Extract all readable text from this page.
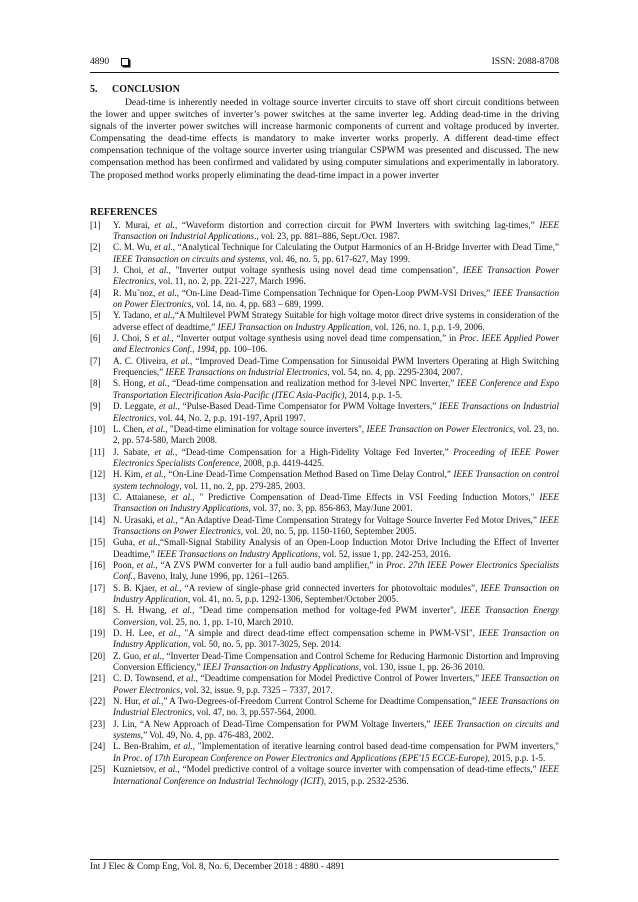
4890	ISSN: 2088-8708
5.	CONCLUSION

Dead-time is inherently needed in voltage source inverter circuits to stave off short circuit conditions between the lower and upper switches of inverter’s power switches at the same inverter leg. Adding dead-time in the driving signals of the inverter power switches will increase harmonic components of current and voltage produced by inverter. Compensating the dead-time effects is mandatory to make inverter works properly. A different dead-time effect compensation technique of the voltage source inverter using triangular CSPWM was presented and discussed. The new compensation method has been confirmed and validated by using computer simulations and experimentally in laboratory. The proposed method works properly eliminating the dead-time impact in a power inverter

REFERENCES
[1]	Y. Murai, et al., “Waveform distortion and correction circuit for PWM Inverters with switching lag-times,” IEEE Transaction on Industrial Applications., vol. 23, pp. 881–886, Sept./Oct. 1987.
[2]	C. M. Wu, et al., “Analytical Technique for Calculating the Output Harmonics of an H-Bridge Inverter with Dead Time,” IEEE Transaction on circuits and systems, vol. 46, no. 5, pp. 617-627, May 1999.
[3]	J. Choi, et al., "Inverter output voltage synthesis using novel dead time compensation", IEEE Transaction Power Electronics, vol. 11, no. 2, pp. 221-227, March 1996.
[4]	R. Mu˜noz, et al., “On-Line Dead-Time Compensation Technique for Open-Loop PWM-VSI Drives,” IEEE Transaction on Power Electronics, vol. 14, no. 4, pp. 683 – 689, 1999.
[5]	Y. Tadano, et al.,“A Multilevel PWM Strategy Suitable for high voltage motor direct drive systems in consideration of the adverse effect of deadtime,” IEEJ Transaction on Industry Application, vol. 126, no. 1, p.p. 1-9, 2006.
[6]	J. Choi, S et al., “Inverter output voltage synthesis using novel dead time compensation,” in Proc. IEEE Applied Power and Electronics Conf., 1994, pp. 100–106.
[7]	A. C. Oliveira, et al., “Improved Dead-Time Compensation for Sinusoidal PWM Inverters Operating at High Switching Frequencies,” IEEE Transactions on Industrial Electronics, vol. 54, no. 4, pp. 2295-2304, 2007.
[8]	S. Hong, et al., “Dead-time compensation and realization method for 3-level NPC Inverter,” IEEE Conference and Expo Transportation Electrification Asia-Pacific (ITEC Asia-Pacific), 2014, p.p. 1-5.
[9]	D. Leggate, et al., “Pulse-Based Dead-Time Compensator for PWM Voltage Inverters,” IEEE Transactions on Industrial Electronics, vol. 44, No. 2, p.p. 191-197, April 1997.
[10] L. Chen, et al., "Dead-time elimination for voltage source inverters", IEEE Transaction on Power Electronics, vol. 23, no. 2, pp. 574-580, March 2008.
[11] J. Sabate, et al., “Dead-time Compensation for a High-Fidelity Voltage Fed Inverter,” Proceeding of IEEE Power Electronics Specialists Conference, 2008, p.p. 4419-4425.
[12] H. Kim, et al., “On-Line Dead-Time Compensation Method Based on Time Delay Control,” IEEE Transaction on control system technology, vol. 11, no. 2, pp. 279-285, 2003.
[13] C. Attaianese, et al., " Predictive Compensation of Dead-Time Effects in VSI Feeding Induction Motors," IEEE Transaction on Industry Applications, vol. 37, no. 3, pp. 856-863, May/June 2001.
[14] N. Urasaki, et al., “An Adaptive Dead-Time Compensation Strategy for Voltage Source Inverter Fed Motor Drives,” IEEE Transactions on Power Electronics, vol. 20, no. 5, pp. 1150-1160, September 2005.
[15] Guha, et al.,“Small-Signal Stability Analysis of an Open-Loop Induction Motor Drive Including the Effect of Inverter Deadtime,” IEEE Transactions on Industry Applications, vol. 52, issue 1, pp. 242-253, 2016.
[16] Poon, et al., “A ZVS PWM converter for a full audio band amplifier,” in Proc. 27th IEEE Power Electronics Specialists Conf., Baveno, Italy, June 1996, pp. 1261–1265.
[17] S. B. Kjaer, et al., “A review of single-phase grid connected inverters for photovoltaic modules”, IEEE Transaction on Industry Application, vol. 41, no. 5, p.p. 1292-1306, September/October 2005.
[18] S. H. Hwang, et al., "Dead time compensation method for voltage-fed PWM inverter", IEEE Transaction Energy Conversion, vol. 25, no. 1, pp. 1-10, March 2010.
[19] D. H. Lee, et al., "A simple and direct dead-time effect compensation scheme in PWM-VSI", IEEE Transaction on Industry Application, vol. 50, no. 5, pp. 3017-3025, Sep. 2014.
[20] Z. Guo, et al., “Inverter Dead-Time Compensation and Control Scheme for Reducing Harmonic Distortion and Improving Conversion Efficiency,” IEEJ Transaction on Industry Applications, vol. 130, issue 1, pp. 26-36 2010.
[21] C. D. Townsend, et al., “Deadtime compensation for Model Predictive Control of Power Inverters,” IEEE Transaction on Power Electronics, vol. 32, issue. 9, p.p. 7325 – 7337, 2017.
[22] N. Hur, et al.,” A Two-Degrees-of-Freedom Current Control Scheme for Deadtime Compensation,” IEEE Transactions on Industrial Electronics, vol. 47, no. 3, pp.557-564, 2000.
[23] J. Lin, “A New Approach of Dead-Time Compensation for PWM Voltage Inverters,” IEEE Transaction on circuits and systems,” Vol. 49, No. 4, pp. 476-483, 2002.
[24] L. Ben-Brahim, et al., "Implementation of iterative learning control based dead-time compensation for PWM inverters," In Proc. of 17th European Conference on Power Electronics and Applications (EPE'15 ECCE-Europe), 2015, p.p. 1-5.
[25] Kuznietsov, et al., “Model predictive control of a voltage source inverter with compensation of dead-time effects,” IEEE International Conference on Industrial Technology (ICIT), 2015, p.p. 2532-2536.
Int J Elec & Comp Eng, Vol. 8, No. 6, December 2018 : 4880 - 4891
